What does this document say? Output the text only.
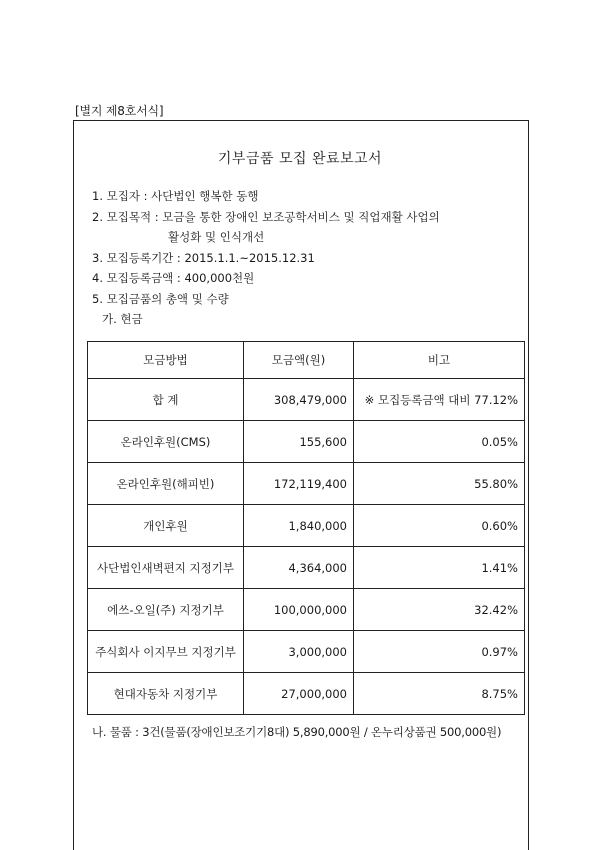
[별지 제8호서식]
기부금품 모집 완료보고서
1. 모집자 : 사단법인 행복한 동행
2. 모집목적 : 모금을 통한 장애인 보조공학서비스 및 직업재활 사업의
활성화 및 인식개선
3. 모집등록기간 : 2015.1.1.~2015.12.31
4. 모집등록금액 : 400,000천원
5. 모집금품의 총액 및 수량
가. 현금
모금방법	모금액(원)	비고
합 계	308,479,000	※ 모집등록금액 대비 77.12%
온라인후원(CMS)	155,600	0.05%
온라인후원(해피빈)	172,119,400	55.80%
개인후원	1,840,000	0.60%
사단법인새벽편지 지정기부	4,364,000	1.41%
에쓰-오일(주) 지정기부	100,000,000	32.42%
주식회사 이지무브 지정기부	3,000,000	0.97%
현대자동차 지정기부	27,000,000	8.75%
나. 물품 : 3건(물품(장애인보조기기8대) 5,890,000원 / 온누리상품권 500,000원)
